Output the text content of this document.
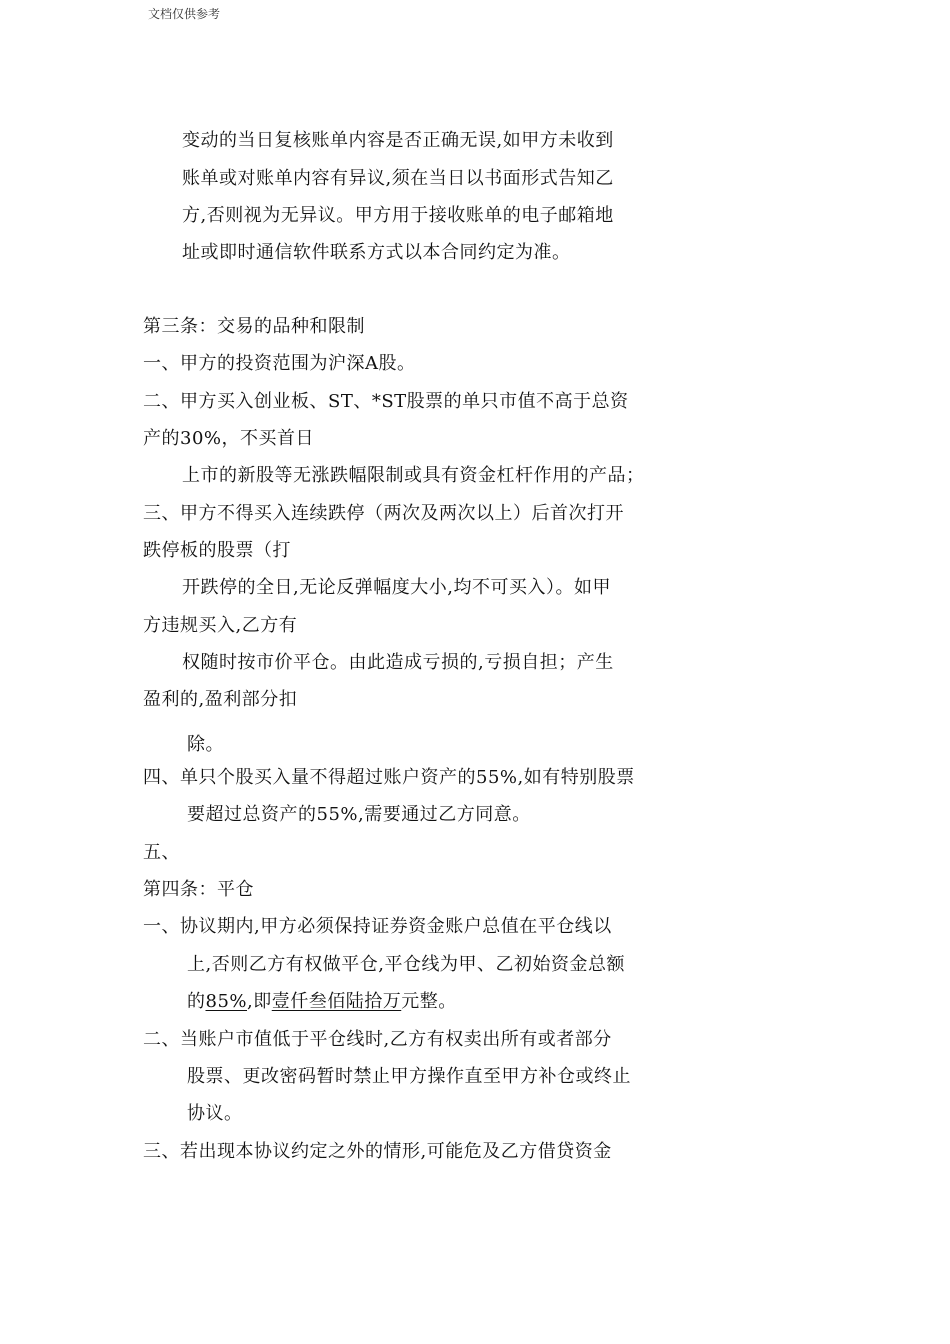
文档仅供参考
变动的当日复核账单内容是否正确无误,如甲方未收到
账单或对账单内容有异议,须在当日以书面形式告知乙
方,否则视为无异议。甲方用于接收账单的电子邮箱地
址或即时通信软件联系方式以本合同约定为准。
第三条：交易的品种和限制
一、甲方的投资范围为沪深A股。
二、甲方买入创业板、ST、*ST股票的单只市值不高于总资
产的30%，不买首日
上市的新股等无涨跌幅限制或具有资金杠杆作用的产品；
三、甲方不得买入连续跌停（两次及两次以上）后首次打开
跌停板的股票（打
开跌停的全日,无论反弹幅度大小,均不可买入）。如甲
方违规买入,乙方有
权随时按市价平仓。由此造成亏损的,亏损自担；产生
盈利的,盈利部分扣
除。
四、单只个股买入量不得超过账户资产的55%,如有特别股票
要超过总资产的55%,需要通过乙方同意。
五、
第四条：平仓
一、协议期内,甲方必须保持证券资金账户总值在平仓线以
上,否则乙方有权做平仓,平仓线为甲、乙初始资金总额
的85%,即壹仟叁佰陆拾万元整。
二、当账户市值低于平仓线时,乙方有权卖出所有或者部分
股票、更改密码暂时禁止甲方操作直至甲方补仓或终止
协议。
三、若出现本协议约定之外的情形,可能危及乙方借贷资金
